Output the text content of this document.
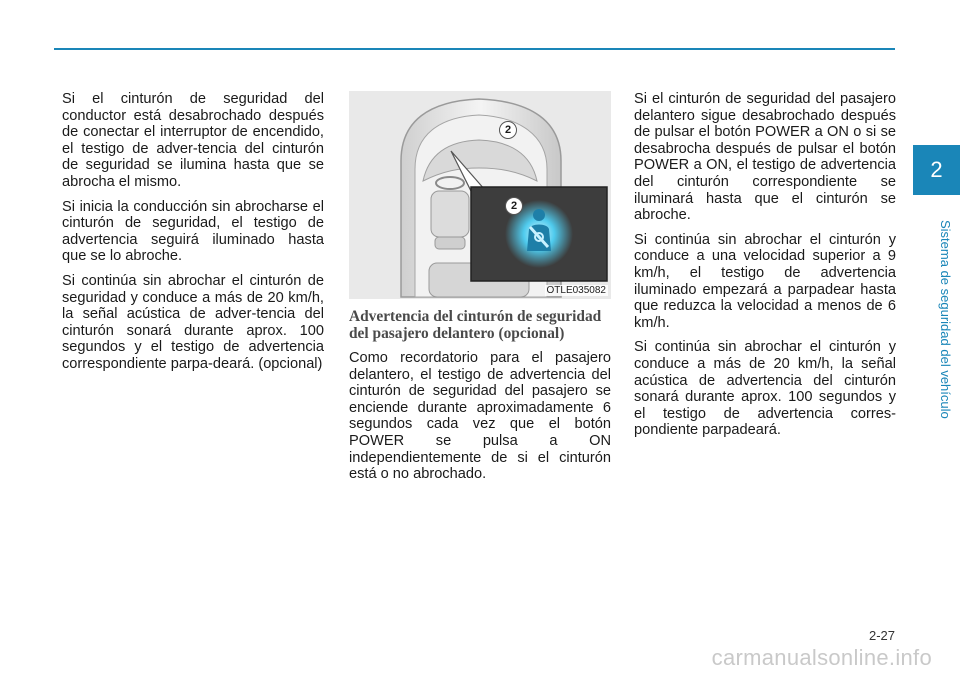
Si el cinturón de seguridad del conductor está desabrochado después de conectar el interruptor de encendido, el testigo de adver-tencia del cinturón de seguridad se ilumina hasta que se abrocha el mismo.

Si inicia la conducción sin abrocharse el cinturón de seguridad, el testigo de advertencia seguirá iluminado hasta que se lo abroche.

Si continúa sin abrochar el cinturón de seguridad y conduce a más de 20 km/h, la señal acústica de adver-tencia del cinturón sonará durante aprox. 100 segundos y el testigo de advertencia correspondiente parpa-deará. (opcional)

2
2
OTLE035082
Advertencia del cinturón de seguridad del pasajero delantero (opcional)

Como recordatorio para el pasajero delantero, el testigo de advertencia del cinturón de seguridad del pasajero se enciende durante aproximadamente 6 segundos cada vez que el botón POWER se pulsa a ON independientemente de si el cinturón está o no abrochado.

Si el cinturón de seguridad del pasajero delantero sigue desabrochado después de pulsar el botón POWER a ON o si se desabrocha después de pulsar el botón POWER a ON, el testigo de advertencia del cinturón correspondiente se iluminará hasta que el cinturón se abroche.

Si continúa sin abrochar el cinturón y conduce a una velocidad superior a 9 km/h, el testigo de advertencia iluminado empezará a parpadear hasta que reduzca la velocidad a menos de 6 km/h.

Si continúa sin abrochar el cinturón y conduce a más de 20 km/h, la señal acústica de advertencia del cinturón sonará durante aprox. 100 segundos y el testigo de advertencia corres-pondiente parpadeará.

2
Sistema de seguridad del vehículo
2-27
carmanualsonline.info
